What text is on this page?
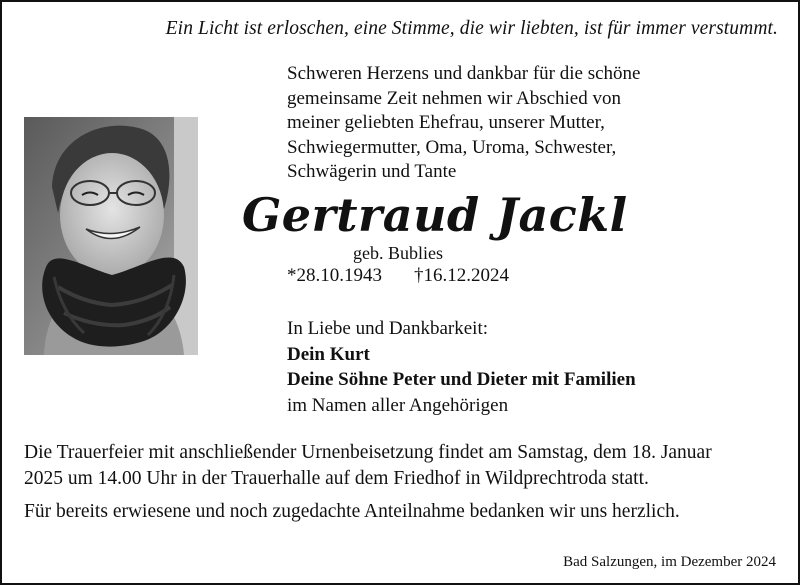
Ein Licht ist erloschen, eine Stimme, die wir liebten, ist für immer verstummt.
Schweren Herzens und dankbar für die schöne
gemeinsame Zeit nehmen wir Abschied von
meiner geliebten Ehefrau, unserer Mutter,
Schwiegermutter, Oma, Uroma, Schwester,
Schwägerin und Tante
Gertraud Jackl
geb. Bublies
*28.10.1943 †16.12.2024
In Liebe und Dankbarkeit:
Dein Kurt
Deine Söhne Peter und Dieter mit Familien
im Namen aller Angehörigen
Die Trauerfeier mit anschließender Urnenbeisetzung findet am Samstag, dem 18. Januar
2025 um 14.00 Uhr in der Trauerhalle auf dem Friedhof in Wildprechtroda statt.
Für bereits erwiesene und noch zugedachte Anteilnahme bedanken wir uns herzlich.
Bad Salzungen, im Dezember 2024
